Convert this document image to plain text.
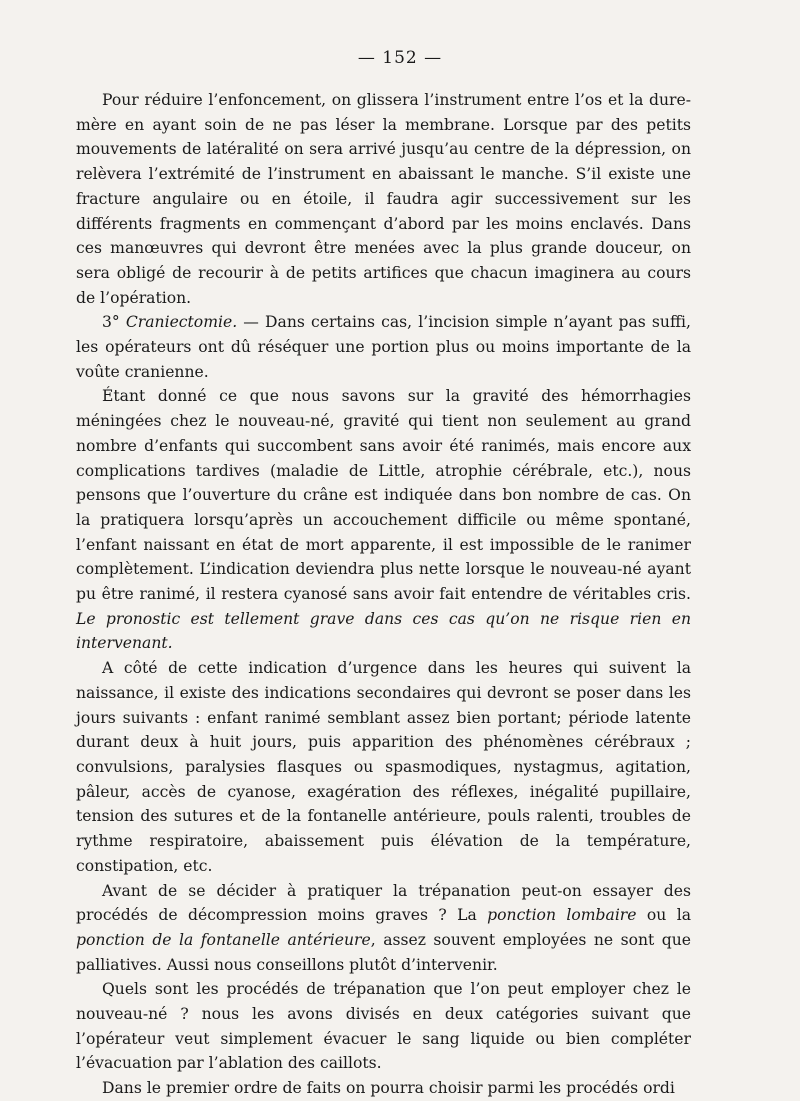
— 152 —

Pour réduire l’enfoncement, on glissera l’instrument entre l’os et la dure-mère en ayant soin de ne pas léser la membrane. Lorsque par des petits mouvements de latéralité on sera arrivé jusqu’au centre de la dépression, on relèvera l’extrémité de l’instrument en abaissant le manche. S’il existe une fracture angulaire ou en étoile, il faudra agir successivement sur les différents fragments en commençant d’abord par les moins enclavés. Dans ces manœuvres qui devront être menées avec la plus grande douceur, on sera obligé de recourir à de petits artifices que chacun imaginera au cours de l’opération.

3° Craniectomie. — Dans certains cas, l’incision simple n’ayant pas suffi, les opérateurs ont dû réséquer une portion plus ou moins importante de la voûte cranienne.

Étant donné ce que nous savons sur la gravité des hémorrhagies méningées chez le nouveau-né, gravité qui tient non seulement au grand nombre d’enfants qui succombent sans avoir été ranimés, mais encore aux complications tardives (maladie de Little, atrophie cérébrale, etc.), nous pensons que l’ouverture du crâne est indiquée dans bon nombre de cas. On la pratiquera lorsqu’après un accouchement difficile ou même spontané, l’enfant naissant en état de mort apparente, il est impossible de le ranimer complètement. L’indication deviendra plus nette lorsque le nouveau-né ayant pu être ranimé, il restera cyanosé sans avoir fait entendre de véritables cris. Le pronostic est tellement grave dans ces cas qu’on ne risque rien en intervenant.

A côté de cette indication d’urgence dans les heures qui suivent la naissance, il existe des indications secondaires qui devront se poser dans les jours suivants : enfant ranimé semblant assez bien portant; période latente durant deux à huit jours, puis apparition des phénomènes cérébraux ; convulsions, paralysies flasques ou spasmodiques, nystagmus, agitation, pâleur, accès de cyanose, exagération des réflexes, inégalité pupillaire, tension des sutures et de la fontanelle antérieure, pouls ralenti, troubles de rythme respiratoire, abaissement puis élévation de la température, constipation, etc.

Avant de se décider à pratiquer la trépanation peut-on essayer des procédés de décompression moins graves ? La ponction lombaire ou la ponction de la fontanelle antérieure, assez souvent employées ne sont que palliatives. Aussi nous conseillons plutôt d’intervenir.

Quels sont les procédés de trépanation que l’on peut employer chez le nouveau-né ? nous les avons divisés en deux catégories suivant que l’opérateur veut simplement évacuer le sang liquide ou bien compléter l’évacuation par l’ablation des caillots.

Dans le premier ordre de faits on pourra choisir parmi les procédés ordi
